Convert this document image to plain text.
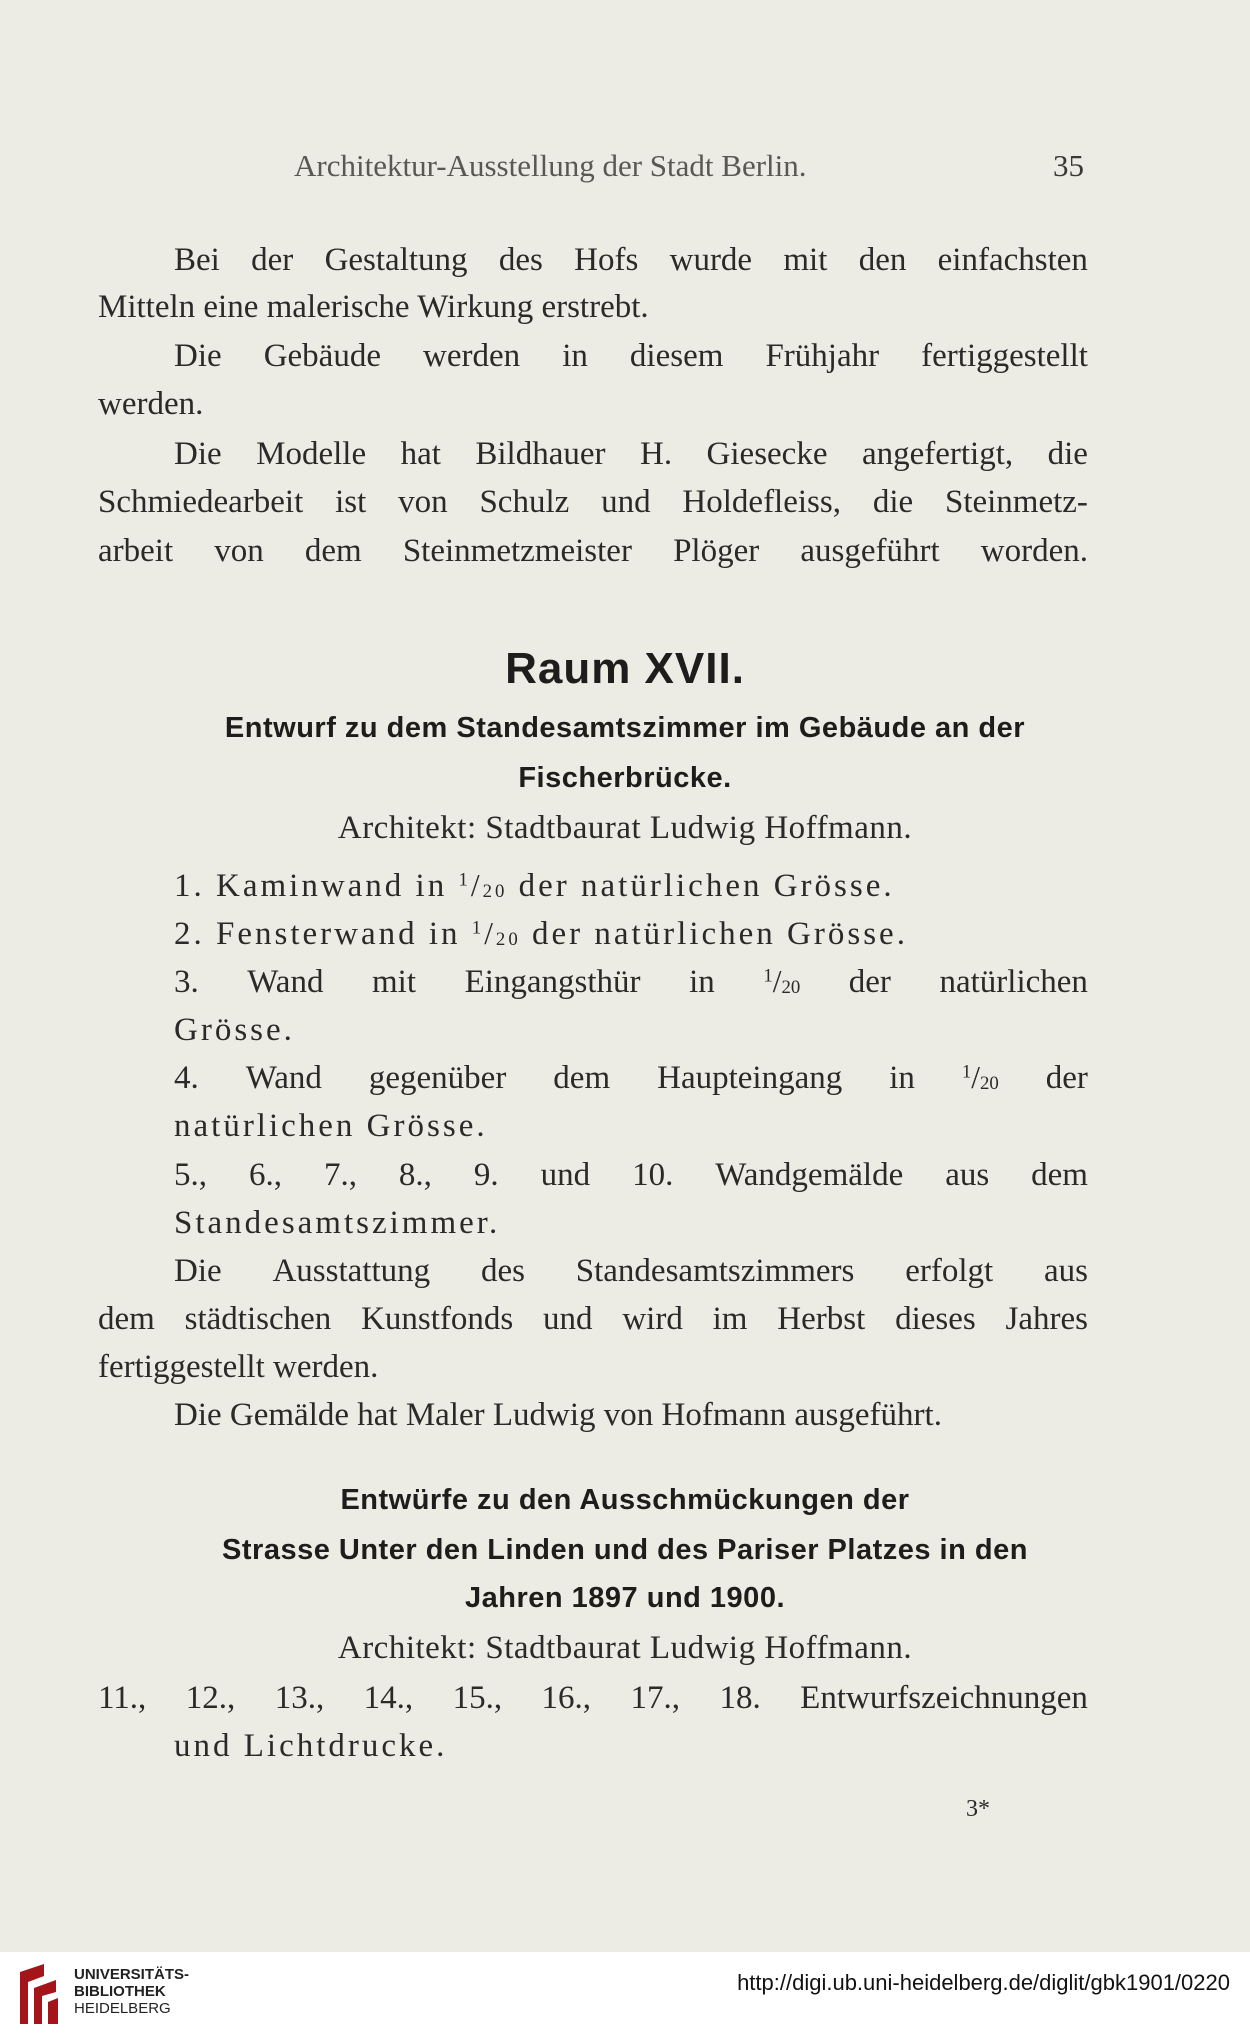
Architektur-Ausstellung der Stadt Berlin.	35
Bei der Gestaltung des Hofs wurde mit den einfachsten
Mitteln eine malerische Wirkung erstrebt.
Die Gebäude werden in diesem Frühjahr fertiggestellt
werden.
Die Modelle hat Bildhauer H. Giesecke angefertigt, die
Schmiedearbeit ist von Schulz und Holdefleiss, die Steinmetz-
arbeit von dem Steinmetzmeister Plöger ausgeführt worden.
Raum XVII.
Entwurf zu dem Standesamtszimmer im Gebäude an der
Fischerbrücke.
Architekt: Stadtbaurat Ludwig Hoffmann.
1. Kaminwand in $^1/_{20}$ der natürlichen Grösse.
2. Fensterwand in $^1/_{20}$ der natürlichen Grösse.
3. Wand mit Eingangsthür in	$^1/_{20}$ der natürlichen
Grösse.
4. Wand gegenüber dem Haupteingang in $^1/_{20}$ der
natürlichen Grösse.
5., 6., 7., 8., 9. und 10. Wandgemälde aus dem
Standesamtszimmer.
Die Ausstattung des Standesamtszimmers erfolgt aus
dem städtischen Kunstfonds und wird im Herbst dieses Jahres
fertiggestellt werden.
Die Gemälde hat Maler Ludwig von Hofmann ausgeführt.
Entwürfe zu den Ausschmückungen der
Strasse Unter den Linden und des Pariser Platzes in den
Jahren 1897 und 1900.
Architekt: Stadtbaurat Ludwig Hoffmann.
11., 12., 13., 14., 15., 16., 17., 18. Entwurfszeichnungen
und Lichtdrucke.
3*
UNIVERSITÄTS-
BIBLIOTHEK
HEIDELBERG
http://digi.ub.uni-heidelberg.de/diglit/gbk1901/0220
